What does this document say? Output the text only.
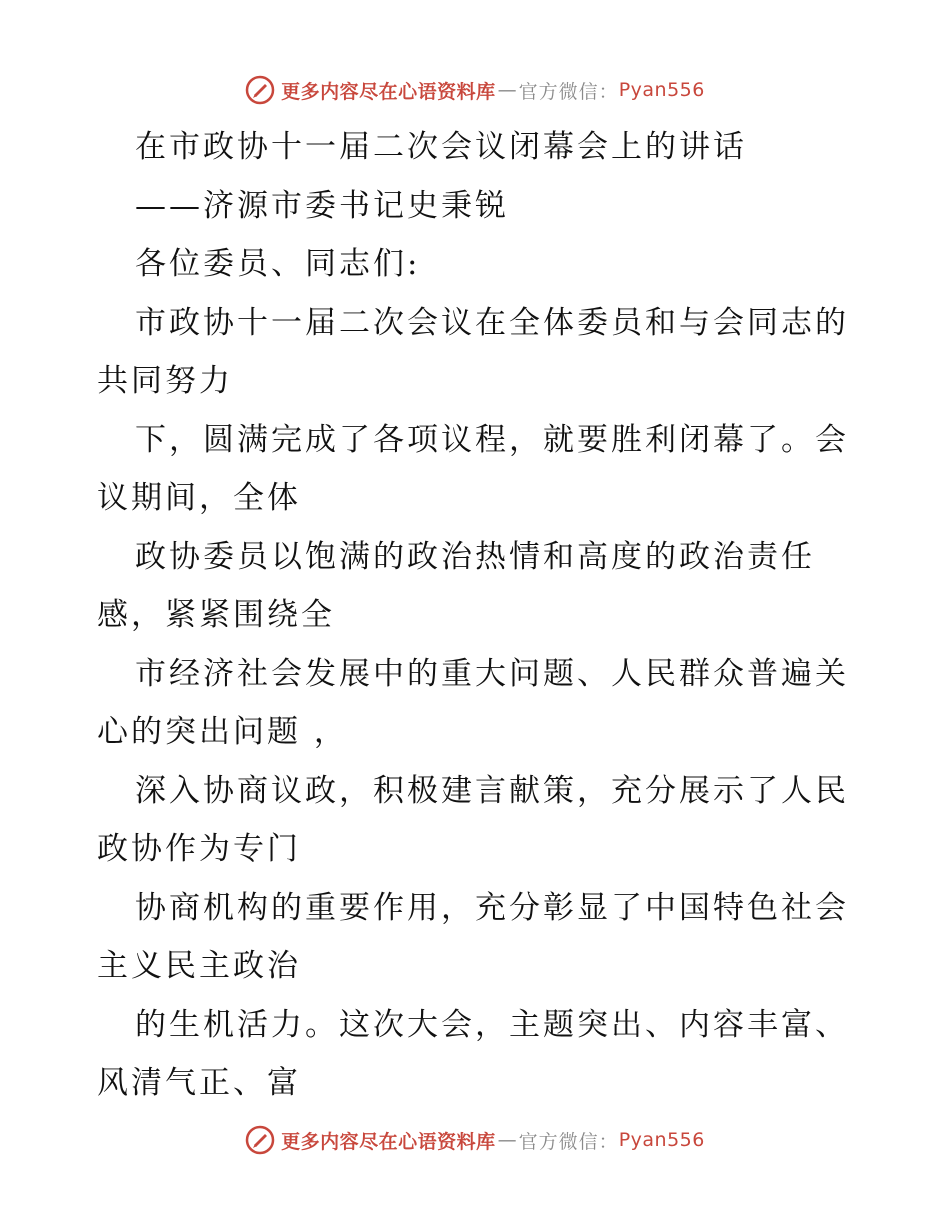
更多内容尽在心语资料库 — 官方微信： Pyan556
在市政协十一届二次会议闭幕会上的讲话
——济源市委书记史秉锐
各位委员、同志们:
市政协十一届二次会议在全体委员和与会同志的
共同努力
下，圆满完成了各项议程，就要胜利闭幕了。会
议期间，全体
政协委员以饱满的政治热情和高度的政治责任
感，紧紧围绕全
市经济社会发展中的重大问题、人民群众普遍关
心的突出问题 ，
深入协商议政，积极建言献策，充分展示了人民
政协作为专门
协商机构的重要作用，充分彰显了中国特色社会
主义民主政治
的生机活力。这次大会，主题突出、内容丰富、
风清气正、富
更多内容尽在心语资料库 — 官方微信： Pyan556
